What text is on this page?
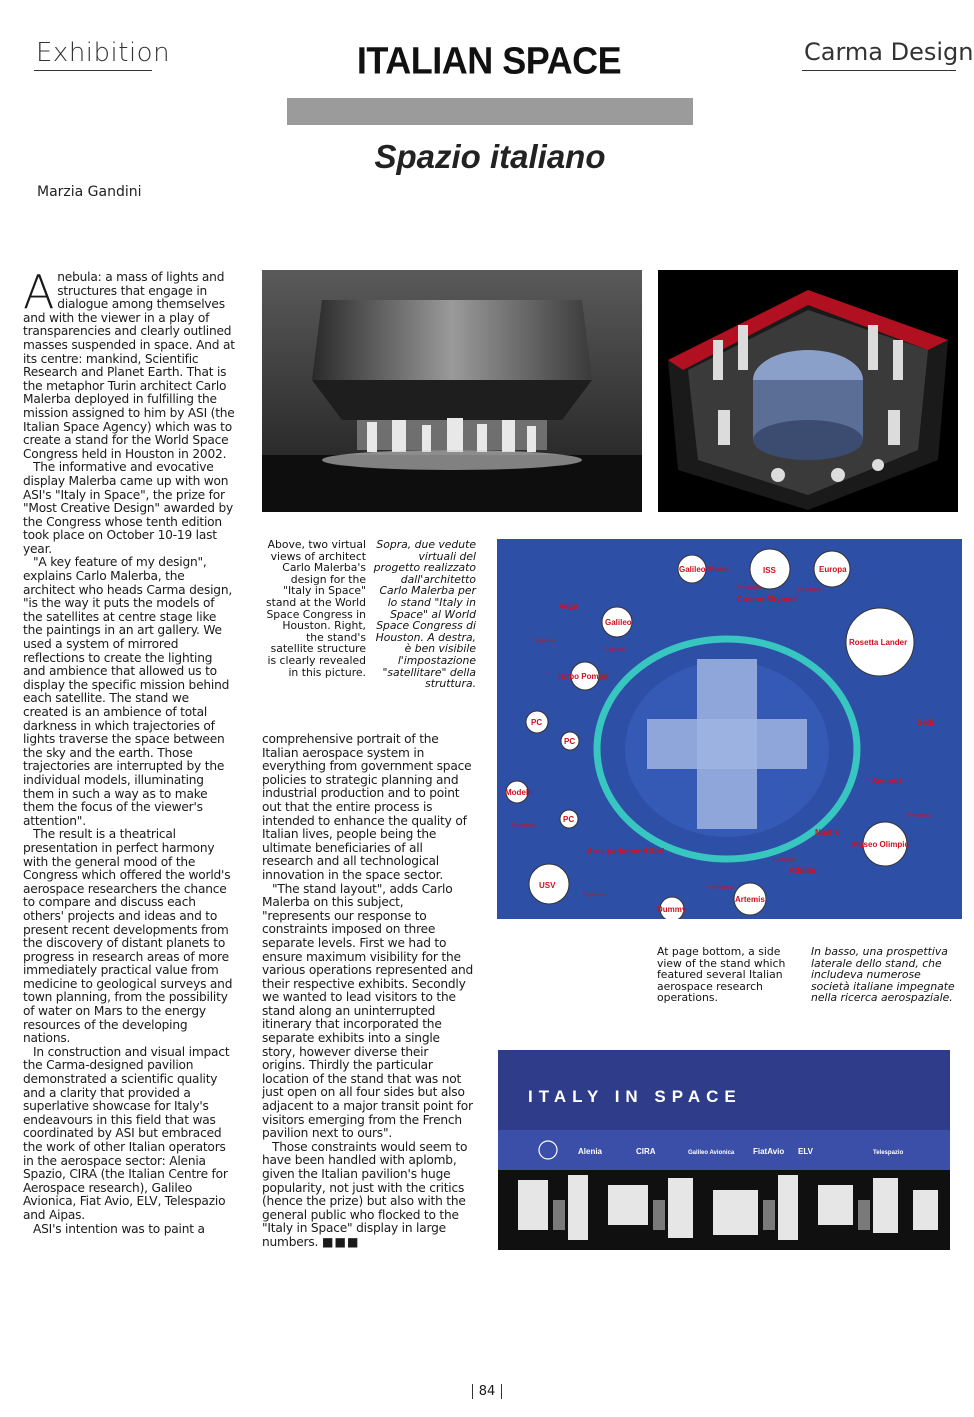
Exhibition	ITALIAN SPACE	Carma Design
Spazio italiano
Marzia Gandini

Anebula: a mass of lights and structures that engage in dialogue among themselves and with the viewer in a play of transparencies and clearly outlined masses suspended in space. And at its centre: mankind, Scientific Research and Planet Earth. That is the metaphor Turin architect Carlo Malerba deployed in fulfilling the mission assigned to him by ASI (the Italian Space Agency) which was to create a stand for the World Space Congress held in Houston in 2002.

The informative and evocative display Malerba came up with won ASI's "Italy in Space", the prize for "Most Creative Design" awarded by the Congress whose tenth edition took place on October 10-19 last year.

"A key feature of my design", explains Carlo Malerba, the architect who heads Carma design, "is the way it puts the models of the satellites at centre stage like the paintings in an art gallery. We used a system of mirrored reflections to create the lighting and ambience that allowed us to display the specific mission behind each satellite. The stand we created is an ambience of total darkness in which trajectories of lights traverse the space between the sky and the earth. Those trajectories are interrupted by the individual models, illuminating them in such a way as to make them the focus of the viewer's attention".

The result is a theatrical presentation in perfect harmony with the general mood of the Congress which offered the world's aerospace researchers the chance to compare and discuss each others' projects and ideas and to present recent developments from the discovery of distant planets to progress in research areas of more immediately practical value from medicine to geological surveys and town planning, from the possibility of water on Mars to the energy resources of the developing nations.

In construction and visual impact the Carma-designed pavilion demonstrated a scientific quality and a clarity that provided a superlative showcase for Italy's endeavours in this field that was coordinated by ASI but embraced the work of other Italian operators in the aerospace sector: Alenia Spazio, CIRA (the Italian Centre for Aerospace research), Galileo Avionica, Fiat Avio, ELV, Telespazio and Aipas.

ASI's intention was to paint a

comprehensive portrait of the Italian aerospace system in everything from government space policies to strategic planning and industrial production and to point out that the entire process is intended to enhance the quality of Italian lives, people being the ultimate beneficiaries of all research and all technological innovation in the space sector.

"The stand layout", adds Carlo Malerba on this subject, "represents our response to constraints imposed on three separate levels. First we had to ensure maximum visibility for the various operations represented and their respective exhibits. Secondly we wanted to lead visitors to the stand along an uninterrupted itinerary that incorporated the separate exhibits into a single story, however diverse their origins. Thirdly the particular location of the stand that was not just open on all four sides but also adjacent to a major transit point for visitors emerging from the French pavilion next to ours".

Those constraints would seem to have been handled with aplomb, given the Italian pavilion's huge popularity, not just with the critics (hence the prize) but also with the general public who flocked to the "Italy in Space" display in large numbers. ■■■

Above, two virtual views of architect Carlo Malerba's design for the "Italy in Space" stand at the World Space Congress in Houston. Right, the stand's satellite structure is clearly revealed in this picture.
Sopra, due vedute virtuali del progetto realizzato dall'architetto Carlo Malerba per lo stand "Italy in Space" al World Space Congress di Houston. A destra, è ben visibile l'impostazione "satellitare" della struttura.
Galileo Marsi	ISS	Europa
Cosmo Skymed
Rosetta Lander
Galileo
Vega
Turbo Pompa
PC
PC
Modelli
PC
Area parlamenti libri
Sedi
Sensori
Nastro
Museo Olimpic
USV
Artemis
Dummy
Atlante
TV plasma	TV plasma
TV plasma
TV plasma
TV plasma
TV plasma
TV plasma
TV plasma
TV plasma
At page bottom, a side view of the stand which featured several Italian aerospace research operations.
In basso, una prospettiva laterale dello stand, che includeva numerose società italiane impegnate nella ricerca aerospaziale.
ITALY IN SPACE
Alenia	CIRA	Galileo Avionica FiatAvio ELV	Telespazio
84
